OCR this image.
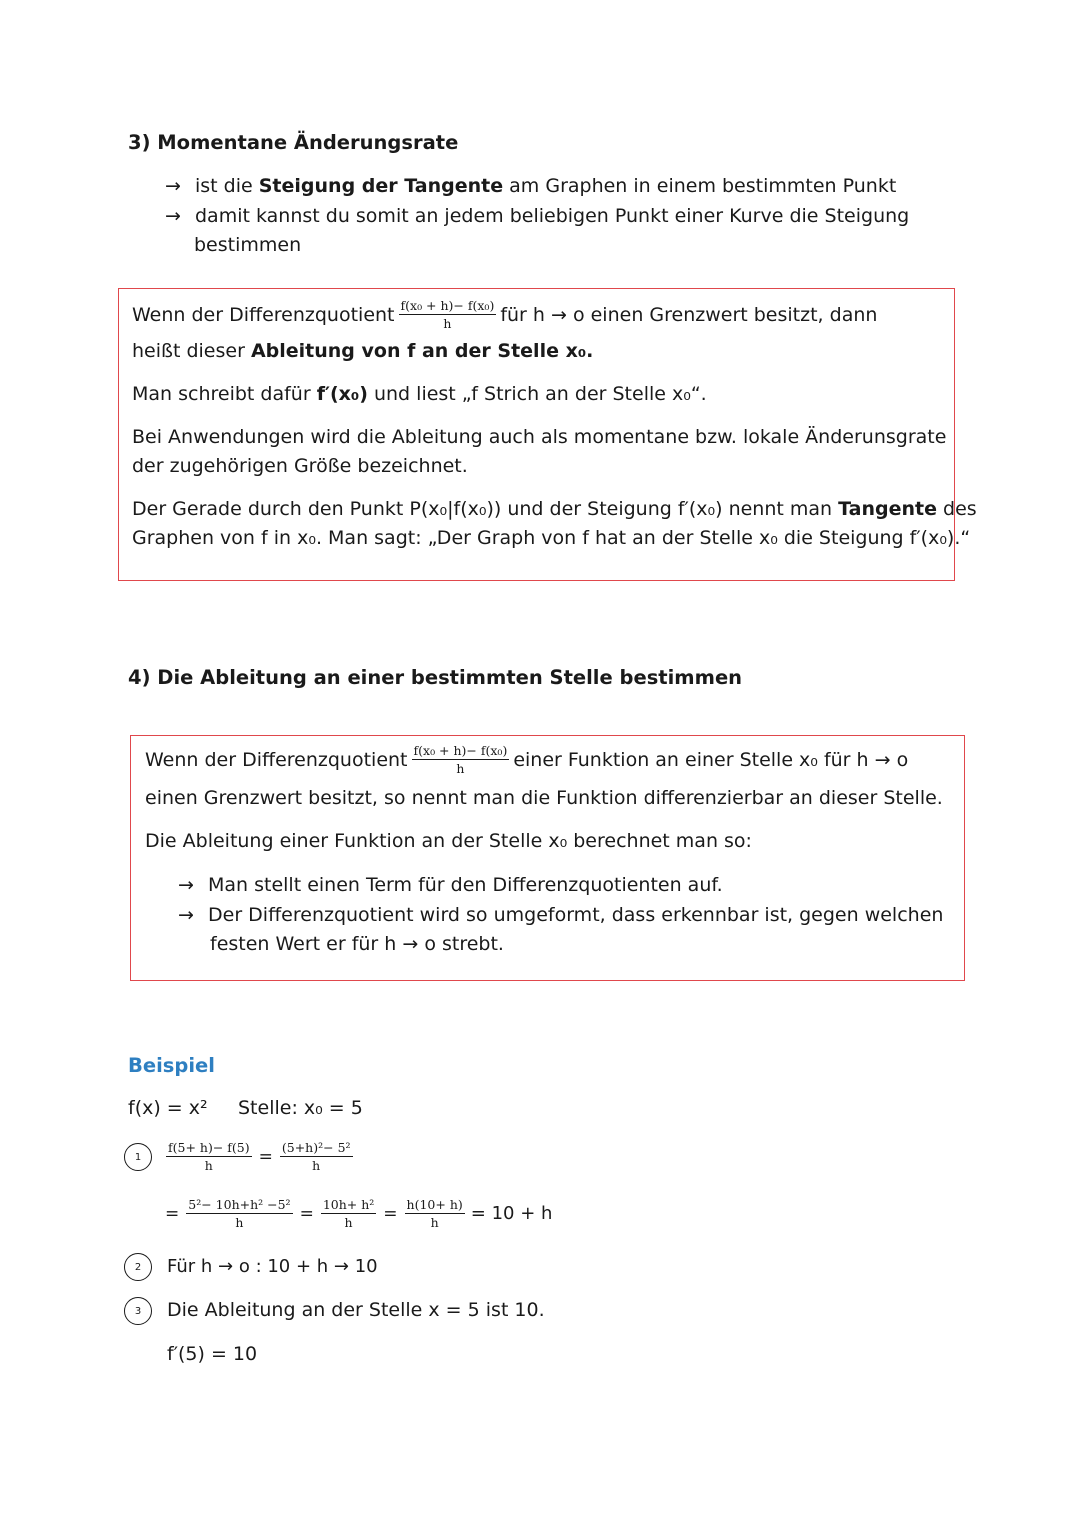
3) Momentane Änderungsrate
→ ist die Steigung der Tangente am Graphen in einem bestimmten Punkt
→ damit kannst du somit an jedem beliebigen Punkt einer Kurve die Steigung
bestimmen
Wenn der Differenzquotient $\frac{\text{f(x₀ + h)− f(x₀)}}{h}$ für h → o einen Grenzwert besitzt, dann
heißt dieser Ableitung von f an der Stelle x₀.
Man schreibt dafür f′(x₀) und liest „f Strich an der Stelle x₀“.
Bei Anwendungen wird die Ableitung auch als momentane bzw. lokale Änderunsgrate
der zugehörigen Größe bezeichnet.
Der Gerade durch den Punkt P(x₀|f(x₀)) und der Steigung f′(x₀) nennt man Tangente des
Graphen von f in x₀. Man sagt: „Der Graph von f hat an der Stelle x₀ die Steigung f′(x₀).“
4) Die Ableitung an einer bestimmten Stelle bestimmen
Wenn der Differenzquotient $\frac{\text{f(x₀ + h)− f(x₀)}}{h}$ einer Funktion an einer Stelle x₀ für h → o
einen Grenzwert besitzt, so nennt man die Funktion differenzierbar an dieser Stelle.
Die Ableitung einer Funktion an der Stelle x₀ berechnet man so:
→ Man stellt einen Term für den Differenzquotienten auf.
→ Der Differenzquotient wird so umgeformt, dass erkennbar ist, gegen welchen
festen Wert er für h → o strebt.
Beispiel
f(x) = x² Stelle: x₀ = 5
1	$\frac{f(5+ h)- f(5)}{h} = \frac{\text{(5+h)²− 5²}}{h}$
= $\frac{\text{5²− 10h+h² −5²}}{h} = \frac{\text{10h+ h²}}{h} = \frac{h(10+ h)}{h} = 10 + h$
2	Für h → o : 10 + h → 10
3	Die Ableitung an der Stelle x = 5 ist 10.
f′(5) = 10
